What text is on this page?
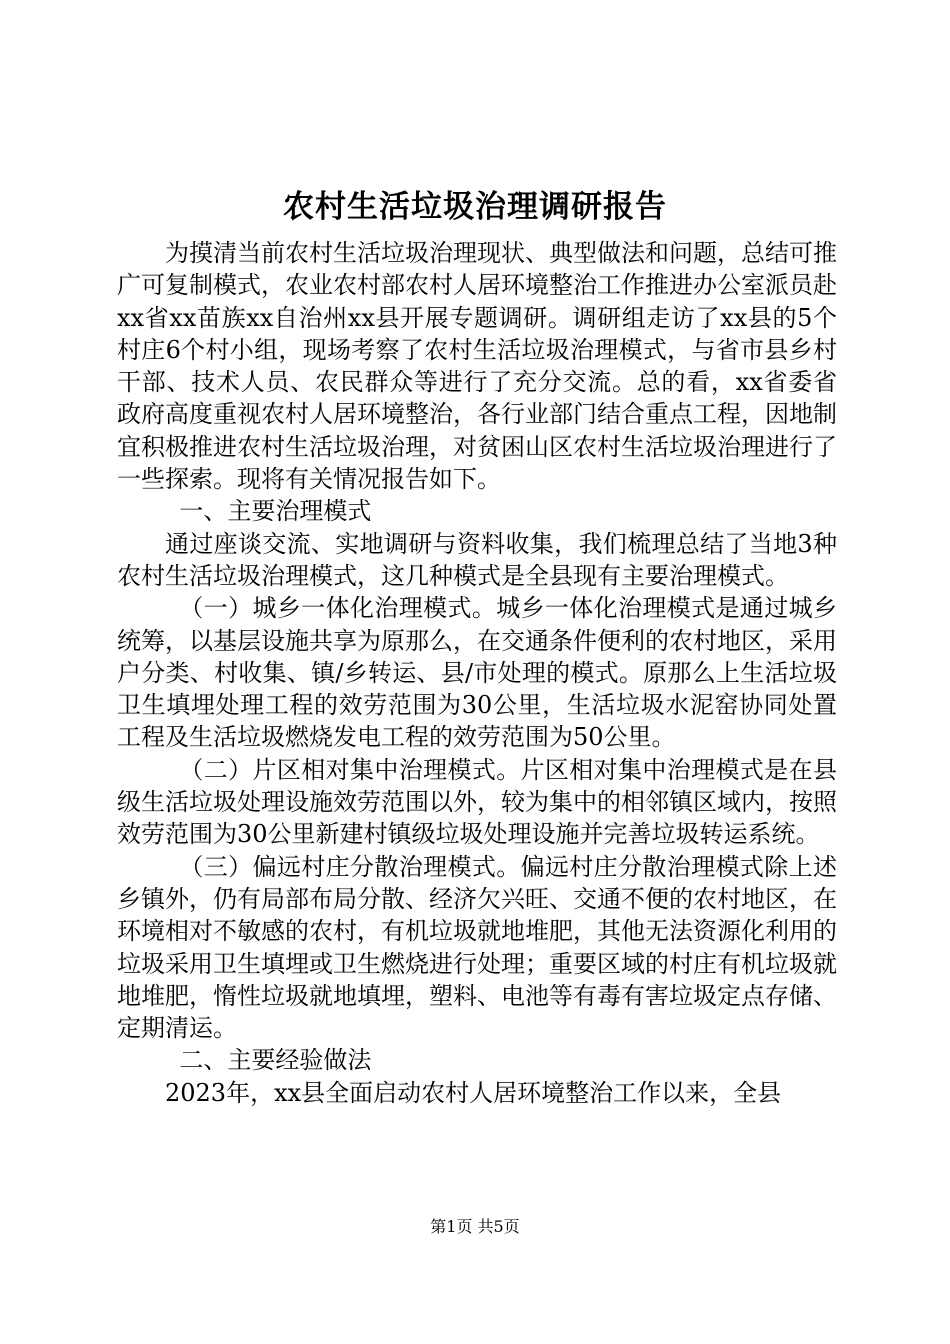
农村生活垃圾治理调研报告

为摸清当前农村生活垃圾治理现状、典型做法和问题，总结可推广可复制模式，农业农村部农村人居环境整治工作推进办公室派员赴xx省xx苗族xx自治州xx县开展专题调研。调研组走访了xx县的5个村庄6个村小组，现场考察了农村生活垃圾治理模式，与省市县乡村干部、技术人员、农民群众等进行了充分交流。总的看，xx省委省政府高度重视农村人居环境整治，各行业部门结合重点工程，因地制宜积极推进农村生活垃圾治理，对贫困山区农村生活垃圾治理进行了一些探索。现将有关情况报告如下。

一、主要治理模式

通过座谈交流、实地调研与资料收集，我们梳理总结了当地3种农村生活垃圾治理模式，这几种模式是全县现有主要治理模式。

（一）城乡一体化治理模式。城乡一体化治理模式是通过城乡统筹，以基层设施共享为原那么，在交通条件便利的农村地区，采用户分类、村收集、镇/乡转运、县/市处理的模式。原那么上生活垃圾卫生填埋处理工程的效劳范围为30公里，生活垃圾水泥窑协同处置工程及生活垃圾燃烧发电工程的效劳范围为50公里。

（二）片区相对集中治理模式。片区相对集中治理模式是在县级生活垃圾处理设施效劳范围以外，较为集中的相邻镇区域内，按照效劳范围为30公里新建村镇级垃圾处理设施并完善垃圾转运系统。

（三）偏远村庄分散治理模式。偏远村庄分散治理模式除上述乡镇外，仍有局部布局分散、经济欠兴旺、交通不便的农村地区，在环境相对不敏感的农村，有机垃圾就地堆肥，其他无法资源化利用的垃圾采用卫生填埋或卫生燃烧进行处理；重要区域的村庄有机垃圾就地堆肥，惰性垃圾就地填埋，塑料、电池等有毒有害垃圾定点存储、定期清运。

二、主要经验做法

2023年，xx县全面启动农村人居环境整治工作以来，全县

第1页 共5页
